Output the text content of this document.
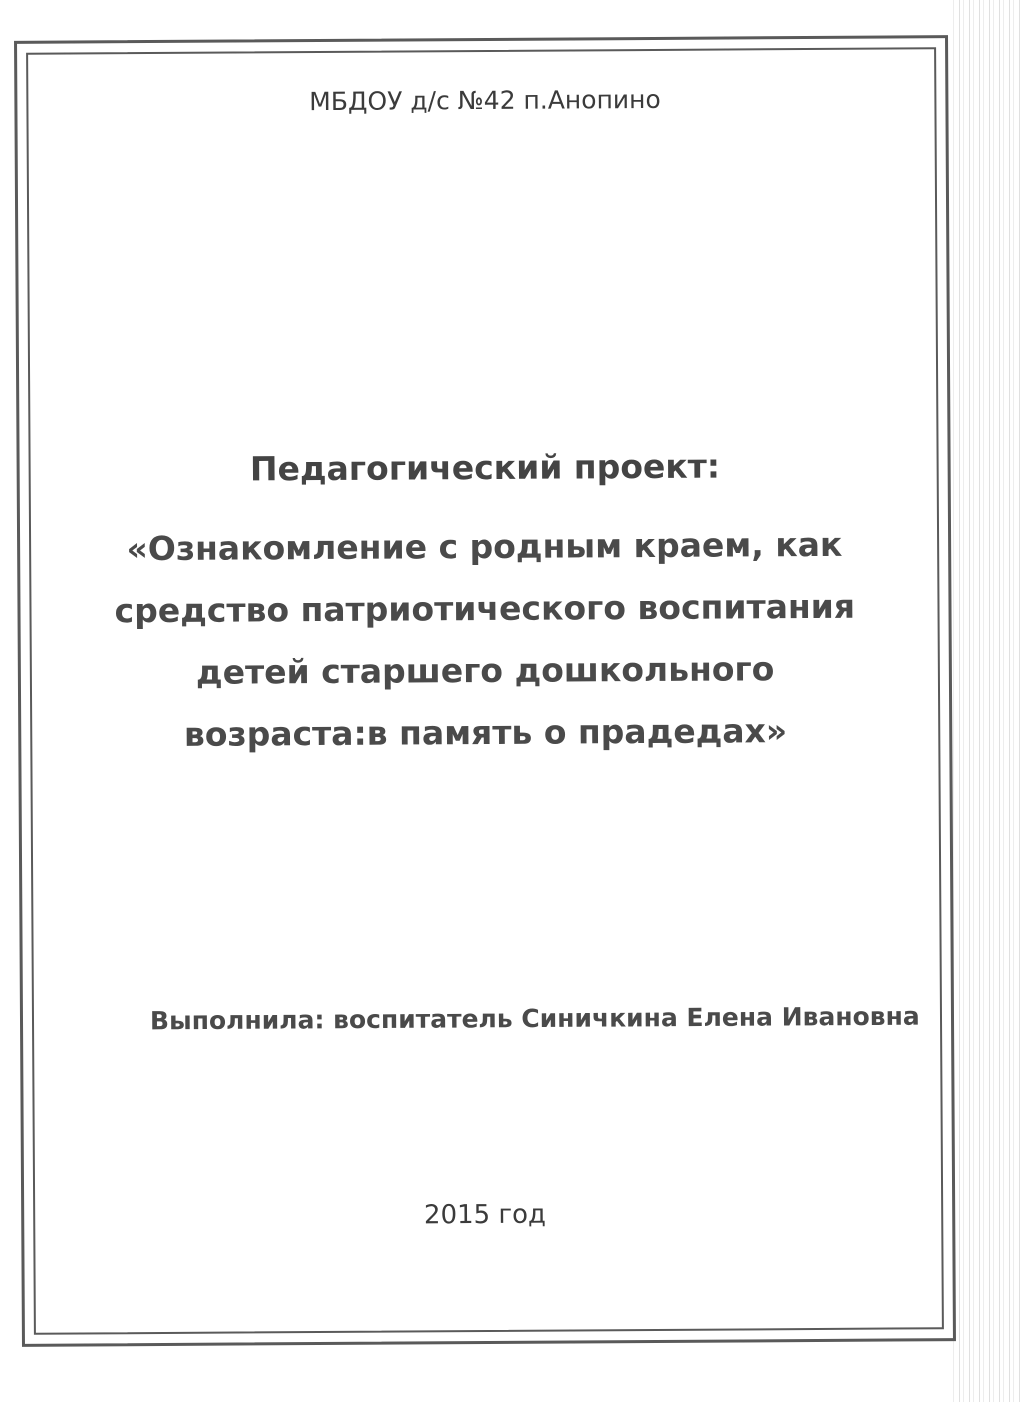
МБДОУ д/с №42 п.Анопино
Педагогический проект:
«Ознакомление с родным краем, как средство патриотического воспитания детей старшего дошкольного возраста:в память о прадедах»
Выполнила: воспитатель Синичкина Елена Ивановна
2015 год
